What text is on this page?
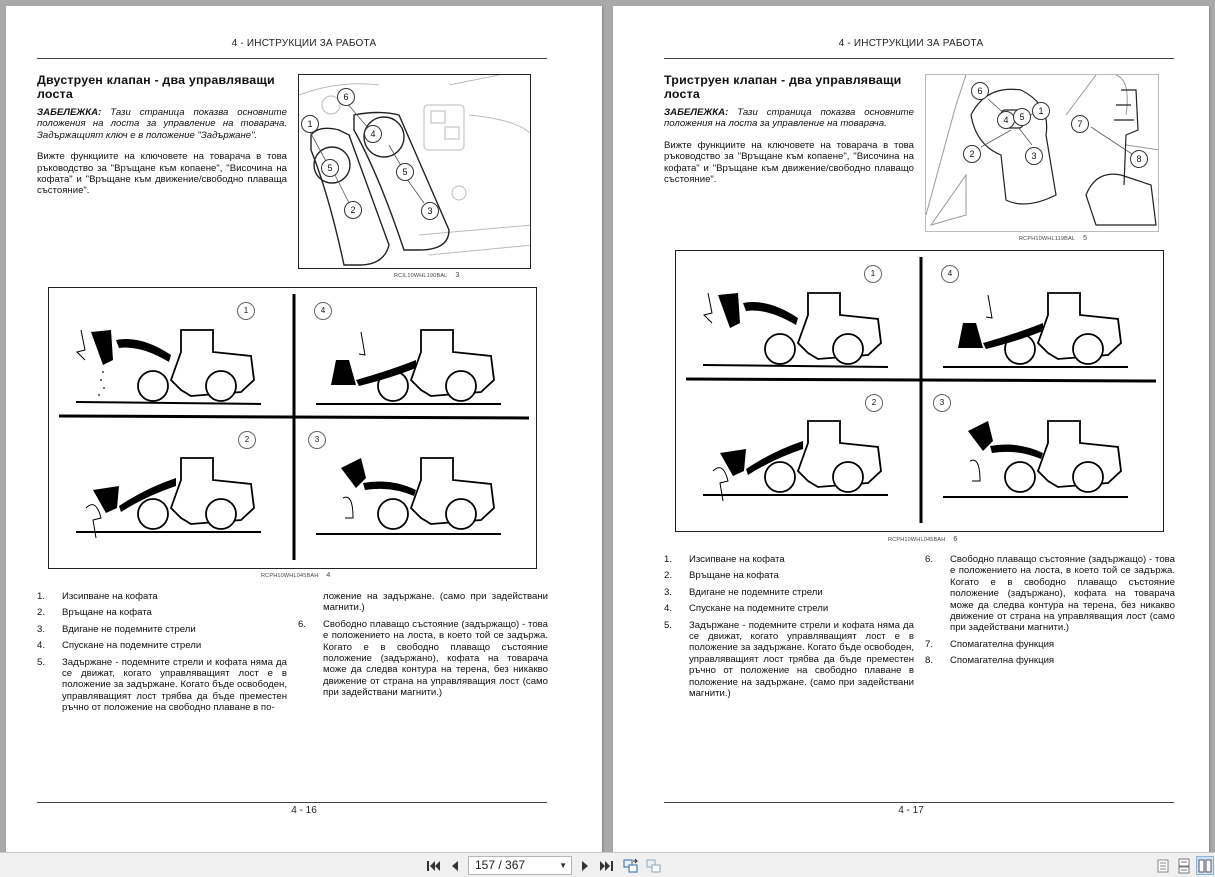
4 - ИНСТРУКЦИИ ЗА РАБОТА
Двуструен клапан - два управляващи лоста

ЗАБЕЛЕЖКА: Тази страница показва основните положения на лоста за управление на товарача. Задържащият ключ е в положение "Задържане".

Вижте функциите на ключовете на товарача в това ръководство за "Връщане към копаене", "Височина на кофата" и "Връщане към движение/свободно плаваща състояние".

6
1
4
5	5
2	3
RCIL10WHL190BAL 3
1	4
2	3
RCPH10WHL045BAH 4
1.	Изсипване на кофата
2.	Връщане на кофата
3.	Вдигане не подемните стрели
4.	Спускане на подемните стрели
5.	Задържане - подемните стрели и кофата няма да се движат, когато управляващият лост е в положение за задържане. Когато бъде освободен, управляващият лост трябва да бъде преместен ръчно от положение на свободно плаване в по-
ложение на задържане. (само при задействани магнити.)
6.	Свободно плаващо състояние (задържащо) - това е положението на лоста, в което той се задържа. Когато е в свободно плаващо състояние положение (задържано), кофата на товарача може да следва контура на терена, без никакво движение от страна на управляващия лост (само при задействани магнити.)
4 - 16
4 - ИНСТРУКЦИИ ЗА РАБОТА
Триструен клапан - два управляващи лоста

ЗАБЕЛЕЖКА: Тази страница показва основните положения на лоста за управление на товарача.

Вижте функциите на ключовете на товарача в това ръководство за "Връщане към копаене", "Височина на кофата" и "Връщане към движение/свободно плаващо състояние".

6
4	5
1
2	3
7
8
RCPH10WHL119BAL 5
1	4
2	3
RCPH10WHL045BAH 6
1.	Изсипване на кофата
2.	Връщане на кофата
3.	Вдигане не подемните стрели
4.	Спускане на подемните стрели
5.	Задържане - подемните стрели и кофата няма да се движат, когато управляващият лост е в положение за задържане. Когато бъде освободен, управляващият лост трябва да бъде преместен ръчно от положение на свободно плаване в положение на задържане. (само при задействани магнити.)
6.	Свободно плаващо състояние (задържащо) - това е положението на лоста, в което той се задържа. Когато е в свободно плаващо състояние положение (задържано), кофата на товарача може да следва контура на терена, без никакво движение от страна на управляващия лост (само при задействани магнити.)
7.	Спомагателна функция
8.	Спомагателна функция
4 - 17
157 / 367	▼
